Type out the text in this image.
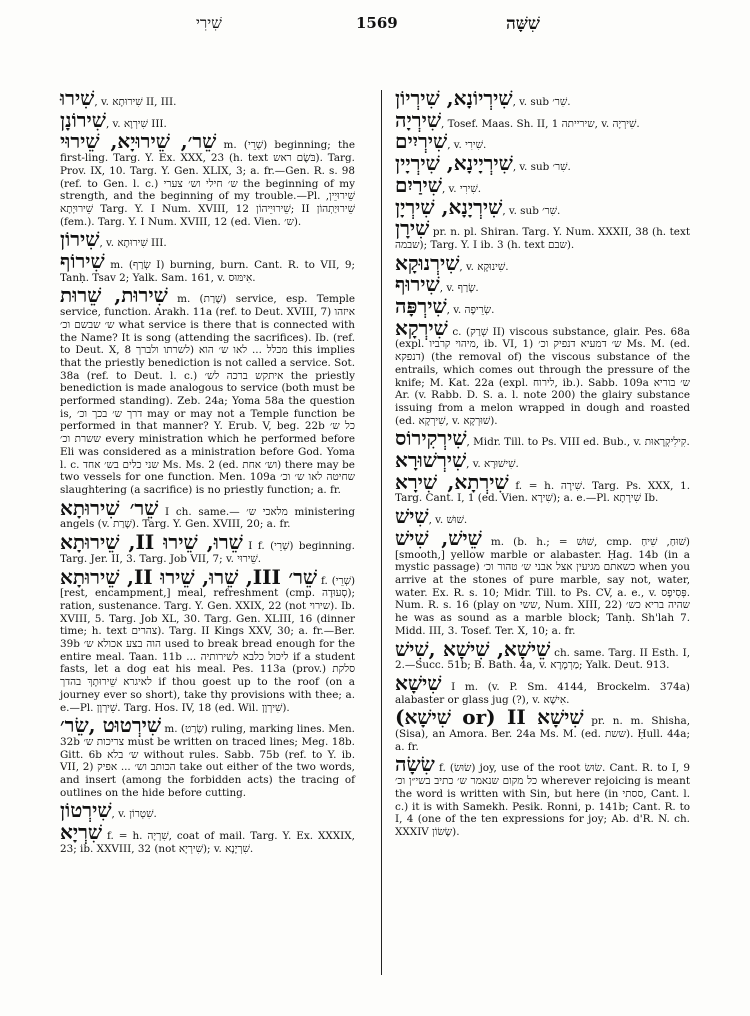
שִׁירִי	1569	שִׁשָּׁה

שִׁירוּ, v. שִׁירוּתָא II, III.

שִׁירוֹנָן, v. שִׁירְוָא III.

שֵׁר׳, שֵׁירוּיָא, שֵׁירוּי m. (שְׁרֵי) beginning; the first-ling. Targ. Y. Ex. XXX, 23 (h. text בֹּשֶׂם ראש). Targ. Prov. IX, 10. Targ. Y. Gen. XLIX, 3; a. fr.—Gen. R. s. 98 (ref. to Gen. l. c.) ש׳ חילי וש׳ צערי the beginning of my strength, and the beginning of my trouble.—Pl. שֵׁירוּיֵין, שֵׁירוּיָתָא Targ. Y. I Num. XVIII, 12 שֵׁירוּיֵיהוֹן; II שֵׁירוּיַתְהוֹן (fem.). Targ. Y. I Num. XVIII, 12 (ed. Vien. ש׳).

שִׁירוֹן, v. שִׁירוּתָא III.

שִׁירוֹף m. (שְׂרַף I) burning, burn. Cant. R. to VII, 9; Tanḥ. Tsav 2; Yalk. Sam. 161, v. אִימּוּס.

שִׁירוּת, שֵׁרוּת m. (שָׁרַת) service, esp. Temple service, function. Arakh. 11a (ref. to Deut. XVIII, 7) איזהו ש׳ שבשם וכ׳ what service is there that is connected with the Name? It is song (attending the sacrifices). Ib. (ref. to Deut. X, 8 לשרתו ולברך) מכלל ... לאו ש׳ הוא this implies that the priestly benediction is not called a service. Sot. 38a (ref. to Deut. l. c.) איתקש ברכה לש׳ the priestly benediction is made analogous to service (both must be performed standing). Zeb. 24a; Yoma 58a the question is, דרך ש׳ בכך וכ׳ may or may not a Temple function be performed in that manner? Y. Erub. V, beg. 22b כל ש׳ ששרת וכ׳ every ministration which he performed before Eli was considered as a ministration before God. Yoma l. c. שני כלים בש׳ אחד Ms. Ms. 2 (ed. וש׳ אחת) there may be two vessels for one function. Men. 109a שחיטה לאו ש׳ וכ׳ slaughtering (a sacrifice) is no priestly function; a. fr.

שֵׁר׳ שִׁירוּתָא I ch. same.— מלאכי ש׳ ministering angels (v. שָׁרַת). Targ. Y. Gen. XVIII, 20; a. fr.

שֵׁרוּ, שֵׁירוּ II, שֵׁירוּתָא I f. (שְׁרֵי) beginning. Targ. Jer. II, 3. Targ. Job VII, 7; v. שֵׁירוּי.

שֵׁר׳ III, שֵׁרוּ, שֵׁירוּ II, שֵׁירוּתָא f. (שְׁרֵי) [rest, encampment,] meal, refreshment (cmp. סְעוּדָה); ration, sustenance. Targ. Y. Gen. XXIX, 22 (not שירוי). Ib. XVIII, 5. Targ. Job XL, 30. Targ. Gen. XLIII, 16 (dinner time; h. text צהרים). Targ. II Kings XXV, 30; a. fr.—Ber. 39b הוה בצע אכולא ש׳ used to break bread enough for the entire meal. Taan. 11b ... ליכול כלבא לשירותיה if a student fasts, let a dog eat his meal. Pes. 113a (prov.) סלקת לאיגרא שֵׁירוּתָךְ בהדך if thou goest up to the roof (on a journey ever so short), take thy provisions with thee; a. e.—Pl. שֵׁירְוָן. Targ. Hos. IV, 18 (ed. Wil. שִׁירְוָן).

שִׁירְטוּט ,שֵׂר׳ m. (שָׂרַט) ruling, marking lines. Men. 32b צריכות ש׳ must be written on traced lines; Meg. 18b. Gitt. 6b ש׳ בלא without rules. Sabb. 75b (ref. to Y. ib. VII, 2) הכותב וש׳ ... אפיק take out either of the two words, and insert (among the forbidden acts) the tracing of outlines on the hide before cutting.

שִׁירְטוֹן, v. שִׁטְרוֹן.

שִׁרְיָא f. = h. שִׁרְיָה, coat of mail. Targ. Y. Ex. XXXIX, 23; ib. XXVIII, 32 (not שִׁירְיָא); v. שִׁרְיָנָא.

שִׁירְיוֹנָא, שִׁירְיוֹן, v. sub שִׁר׳.

שִׁירְיָה, Tosef. Maas. Sh. II, 1 שירייתה, v. שִׁירְיָה.

שִׁירְיִים, v. שִׁירִי.

שִׁירְיָינָא, שִׁירְיָין, v. sub שִׁר׳.

שִׁירַיִם, v. שִׁירִי.

שִׁירְיָנָא, שִׁירְיָן, v. sub שִׁר׳.

שִׁירָן pr. n. pl. Shiran. Targ. Y. Num. XXXII, 38 (h. text שבמה); Targ. Y. I ib. 3 (h. text שבם).

שִׁירְנוּקָא, v. שִׁינוּקָא.

שִׁירוּף, v. שָׂרַף.

שִׁירְפָּה, v. שְׂרֵיפָה.

שִׁירְקָא c. (שְׁרַק II) viscous substance, glair. Pes. 68a (expl. מיהוי קרביו, ib. VI, 1) ש׳ דמעיא דנפיק וכ׳ Ms. M. (ed. דנפקא) (the removal of) the viscous substance of the entrails, which comes out through the pressure of the knife; M. Kat. 22a (expl. לירוח, ib.). Sabb. 109a ש׳ בוריא Ar. (v. Rabb. D. S. a. l. note 200) the glairy substance issuing from a melon wrapped in dough and roasted (ed. שִׁירְקָא, v. שׁוּרְקָא).

שִׁירְקִירוֹס, Midr. Till. to Ps. VIII ed. Bub., v. קִילִיקְרָאוּת.

שִׁירְשׁוּרָא, v. שִׁישׁוּרָא.

שִׁירְתָא, שִׁירָא f. = h. שִׁירָה. Targ. Ps. XXX, 1. Targ. Cant. I, 1 (ed. Vien. שִׁירָא); a. e.—Pl. שִׁירָתָא Ib.

שִׁישׁ, v. שׁוּשׁ.

שֵׁישׁ, שִׁישׁ m. (b. h.; = שׁוּשׁ, cmp. שׁוּחַ, שִׁיחַ) [smooth,] yellow marble or alabaster. Ḥag. 14b (in a mystic passage) כשאתם מגיעין אצל אבני ש׳ טהור וכ׳ when you arrive at the stones of pure marble, say not, water, water. Ex. R. s. 10; Midr. Till. to Ps. CV, a. e., v. פְּסִיפָס. Num. R. s. 16 (play on ששי, Num. XIII, 22) שהיה בריא כש׳ he was as sound as a marble block; Tanḥ. Sh'lah 7. Midd. III, 3. Tosef. Ter. X, 10; a. fr.

שֵׁישָׁא, שִׁישָׁא ,שִׁישׁ ch. same. Targ. II Esth. I, 2.—Succ. 51b; B. Bath. 4a, v. מַרְמָרָא; Yalk. Deut. 913.

שִׁישָׁא I m. (v. P. Sm. 4144, Brockelm. 374a) alabaster or glass jug (?), v. אִישָׁא.

שִׁישָׁא II (or שִׁישָׁא) pr. n. m. Shisha, (Sisa), an Amora. Ber. 24a Ms. M. (ed. ששת). Ḥull. 44a; a. fr.

שִׂשָׂה f. (שׂוּשׂ) joy, use of the root שׂוּשׂ. Cant. R. to I, 9 כל מקום שנאמר ש׳ כתיב בשי״ן וכ׳ wherever rejoicing is meant the word is written with Sin, but here (in ססתי, Cant. l. c.) it is with Samekh. Pesik. Ronni, p. 141b; Cant. R. to I, 4 (one of the ten expressions for joy; Ab. d'R. N. ch. XXXIV שָׂשׂוֹן).
